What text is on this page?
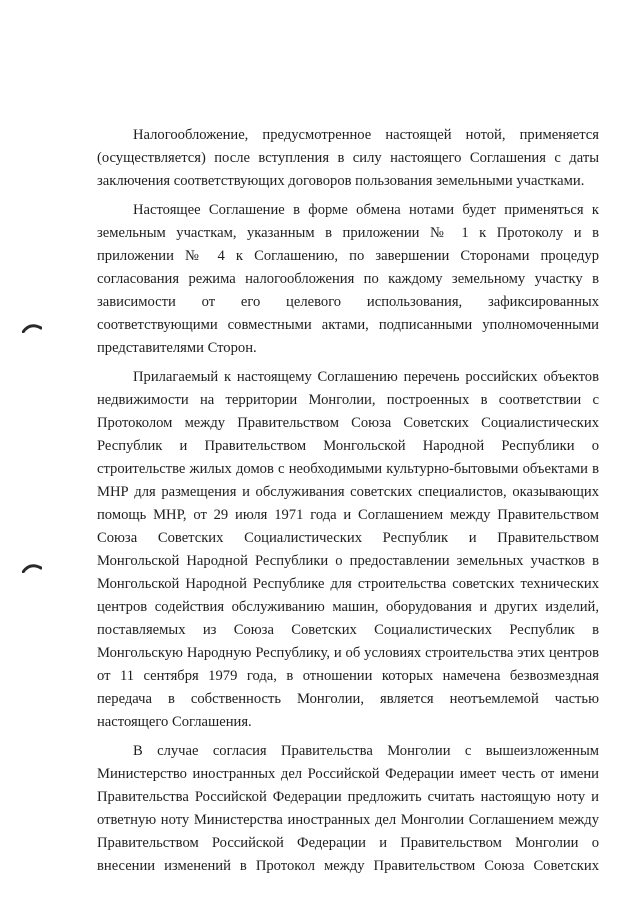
Налогообложение, предусмотренное настоящей нотой, применяется (осуществляется) после вступления в силу настоящего Соглашения с даты заключения соответствующих договоров пользования земельными участками.

Настоящее Соглашение в форме обмена нотами будет применяться к земельным участкам, указанным в приложении № 1 к Протоколу и в приложении № 4 к Соглашению, по завершении Сторонами процедур согласования режима налогообложения по каждому земельному участку в зависимости от его целевого использования, зафиксированных соответствующими совместными актами, подписанными уполномоченными представителями Сторон.

Прилагаемый к настоящему Соглашению перечень российских объектов недвижимости на территории Монголии, построенных в соответствии с Протоколом между Правительством Союза Советских Социалистических Республик и Правительством Монгольской Народной Республики о строительстве жилых домов с необходимыми культурно-бытовыми объектами в МНР для размещения и обслуживания советских специалистов, оказывающих помощь МНР, от 29 июля 1971 года и Соглашением между Правительством Союза Советских Социалистических Республик и Правительством Монгольской Народной Республики о предоставлении земельных участков в Монгольской Народной Республике для строительства советских технических центров содействия обслуживанию машин, оборудования и других изделий, поставляемых из Союза Советских Социалистических Республик в Монгольскую Народную Республику, и об условиях строительства этих центров от 11 сентября 1979 года, в отношении которых намечена безвозмездная передача в собственность Монголии, является неотъемлемой частью настоящего Соглашения.

В случае согласия Правительства Монголии с вышеизложенным Министерство иностранных дел Российской Федерации имеет честь от имени Правительства Российской Федерации предложить считать настоящую ноту и ответную ноту Министерства иностранных дел Монголии Соглашением между Правительством Российской Федерации и Правительством Монголии о внесении изменений в Протокол между Правительством Союза Советских
